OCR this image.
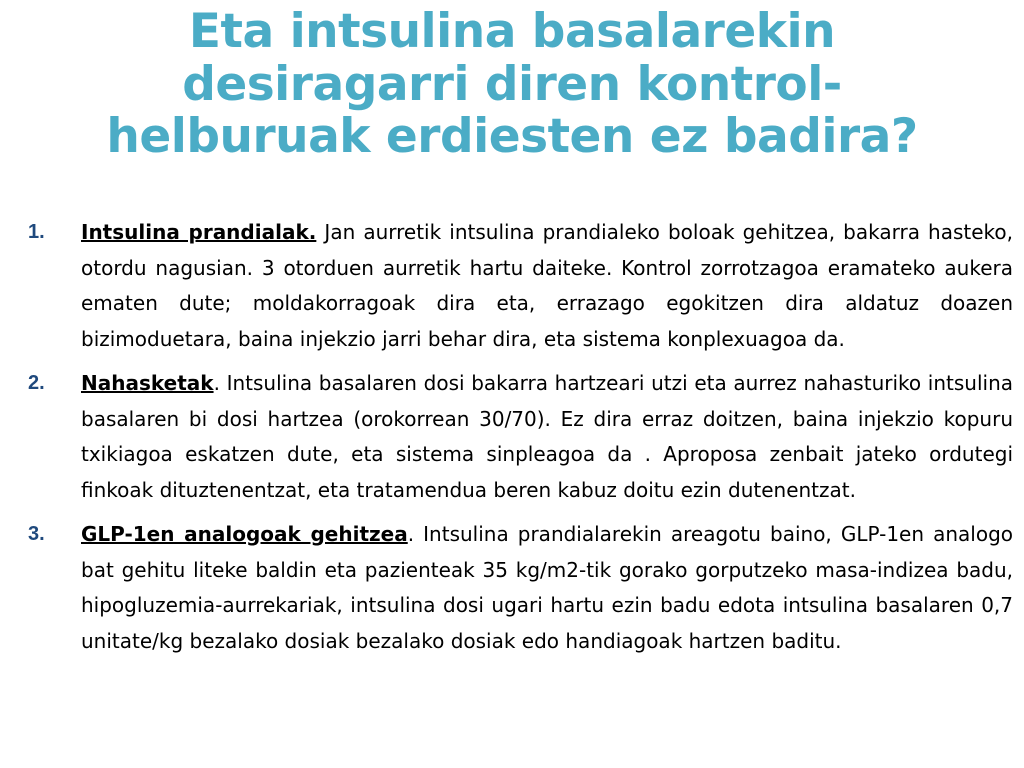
Eta intsulina basalarekin
desiragarri diren kontrol-
helburuak erdiesten ez badira?
1. Intsulina prandialak. Jan aurretik intsulina prandialeko boloak gehitzea, bakarra hasteko, otordu nagusian. 3 otorduen aurretik hartu daiteke. Kontrol zorrotzagoa eramateko aukera ematen dute; moldakorragoak dira eta, errazago egokitzen dira aldatuz doazen bizimoduetara, baina injekzio jarri behar dira, eta sistema konplexuagoa da.
2. Nahasketak. Intsulina basalaren dosi bakarra hartzeari utzi eta aurrez nahasturiko intsulina basalaren bi dosi hartzea (orokorrean 30/70). Ez dira erraz doitzen, baina injekzio kopuru txikiagoa eskatzen dute, eta sistema sinpleagoa da . Aproposa zenbait jateko ordutegi finkoak dituztenentzat, eta tratamendua beren kabuz doitu ezin dutenentzat.
3. GLP-1en analogoak gehitzea. Intsulina prandialarekin areagotu baino, GLP-1en analogo bat gehitu liteke baldin eta pazienteak 35 kg/m2-tik gorako gorputzeko masa-indizea badu, hipogluzemia-aurrekariak, intsulina dosi ugari hartu ezin badu edota intsulina basalaren 0,7 unitate/kg bezalako dosiak bezalako dosiak edo handiagoak hartzen baditu.
